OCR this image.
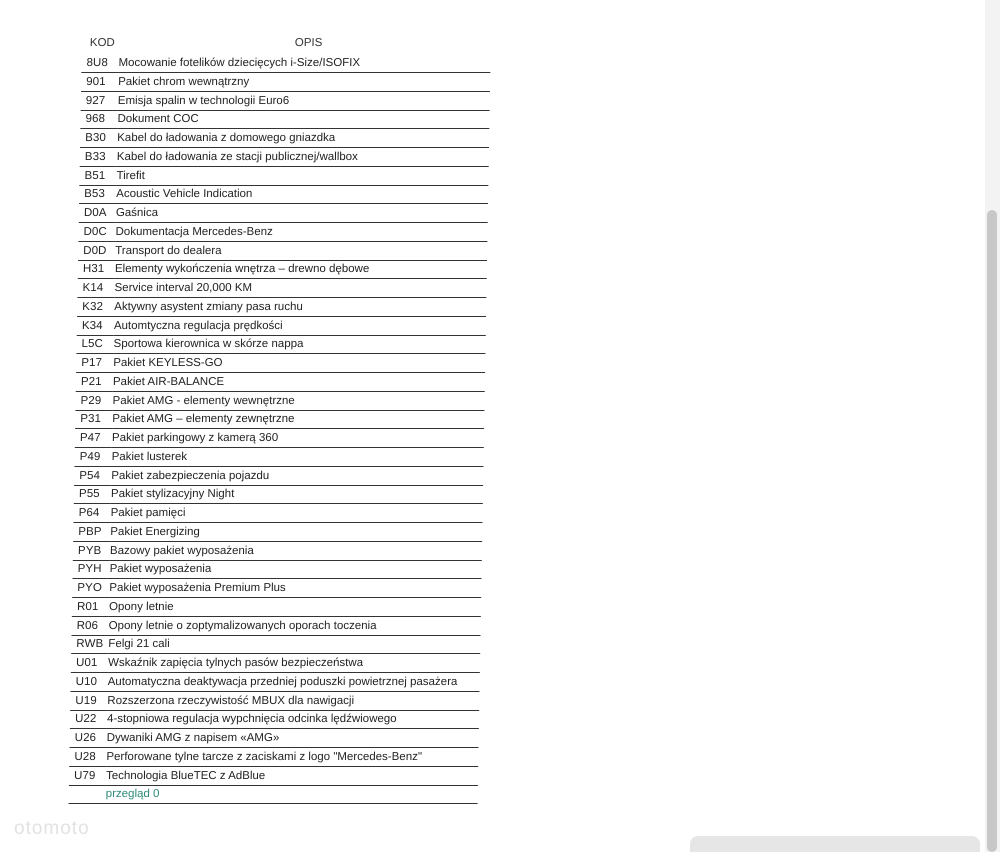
KOD	OPIS
8U8 Mocowanie fotelików dziecięcych i-Size/ISOFIX
901	Pakiet chrom wewnątrzny
927	Emisja spalin w technologii Euro6
968	Dokument COC
B30 Kabel do ładowania z domowego gniazdka
B33 Kabel do ładowania ze stacji publicznej/wallbox
B51 Tirefit
B53 Acoustic Vehicle Indication
D0A Gaśnica
D0C Dokumentacja Mercedes-Benz
D0D Transport do dealera
H31 Elementy wykończenia wnętrza – drewno dębowe
K14 Service interval 20,000 KM
K32 Aktywny asystent zmiany pasa ruchu
K34 Automtyczna regulacja prędkości
L5C Sportowa kierownica w skórze nappa
P17 Pakiet KEYLESS-GO
P21 Pakiet AIR-BALANCE
P29 Pakiet AMG - elementy wewnętrzne
P31 Pakiet AMG – elementy zewnętrzne
P47 Pakiet parkingowy z kamerą 360
P49 Pakiet lusterek
P54 Pakiet zabezpieczenia pojazdu
P55 Pakiet stylizacyjny Night
P64 Pakiet pamięci
PBP Pakiet Energizing
PYB Bazowy pakiet wyposażenia
PYH Pakiet wyposażenia
PYO Pakiet wyposażenia Premium Plus
R01 Opony letnie
R06 Opony letnie o zoptymalizowanych oporach toczenia
RWB Felgi 21 cali
U01 Wskaźnik zapięcia tylnych pasów bezpieczeństwa
U10 Automatyczna deaktywacja przedniej poduszki powietrznej pasażera
U19 Rozszerzona rzeczywistość MBUX dla nawigacji
U22 4-stopniowa regulacja wypchnięcia odcinka lędźwiowego
U26 Dywaniki AMG z napisem «AMG»
U28 Perforowane tylne tarcze z zaciskami z logo "Mercedes-Benz"
U79 Technologia BlueTEC z AdBlue
przegląd 0
otomoto
